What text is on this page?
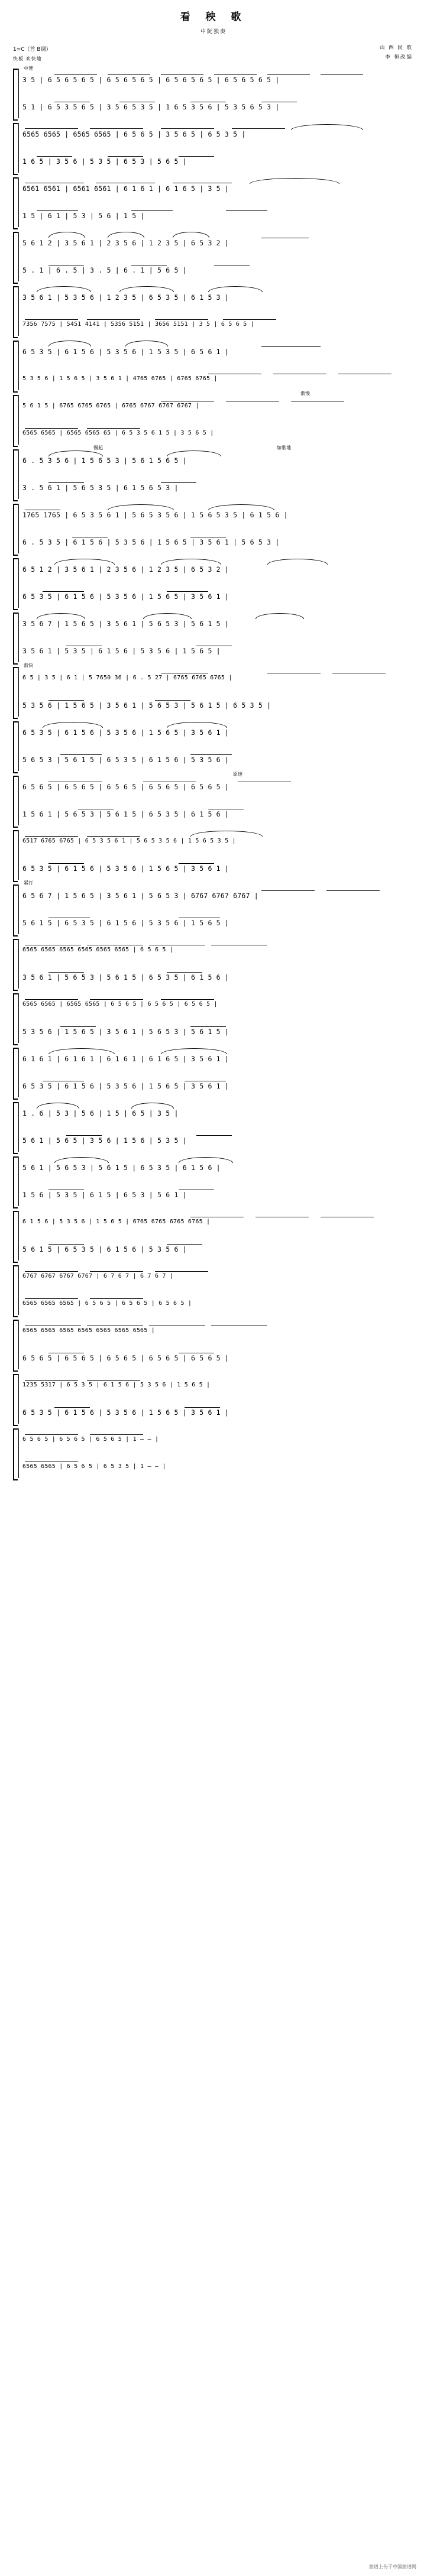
看 秧 歌
中阮独奏
1=C（首 B调）
快板 欢快地
山 西 民 歌
李 恒改编
中速
3 5 | 6 5 6 5 6 5 | 6 5 6 5 6 5 | 6 5 6 5 6 5 | 6 5 6 5 6 5 |
5 1 | 6 5 3 5 6 5 | 3 5 6 5 3 5 | 1 6 5 3 5 6 | 5 3 5 6 5 3 |
6565 6565 | 6565 6565 | 6 5 6 5 | 3 5 6 5 | 6 5 3 5 |
1 6 5 | 3 5 6 | 5 3 5 | 6 5 3 | 5 6 5 |
6561 6561 | 6561 6561 | 6 1 6 1 | 6 1 6 5 | 3 5 |
1 5 | 6 1 | 5 3 | 5 6 | 1 5 |
5 6 1 2 | 3 5 6 1 | 2 3 5 6 | 1 2 3 5 | 6 5 3 2 |
5 . 1 | 6 . 5 | 3 . 5 | 6 . 1 | 5 6 5 |
3 5 6 1 | 5 3 5 6 | 1 2 3 5 | 6 5 3 5 | 6 1 5 3 |
7356 7575 | 5451 4141 | 5356 5151 | 3656 5151 | 3 5 | 6 5 6 5 |
6 5 3 5 | 6 1 5 6 | 5 3 5 6 | 1 5 3 5 | 6 5 6 1 |
5 3 5 6 | 1 5 6 5 | 3 5 6 1 | 4765 6765 | 6765 6765 |
渐慢
5 6 1 5 | 6765 6765 6765 | 6765 6767 6767 6767 |
6565 6565 | 6565 6565 65 | 6 5 3 5 6 1 5 | 3 5 6 5 |
慢起	如歌地
6 . 5 3 5 6 | 1 5 6 5 3 | 5 6 1 5 6 5 |
3 . 5 6 1 | 5 6 5 3 5 | 6 1 5 6 5 3 |
1765 1765 | 6 5 3 5 6 1 | 5 6 5 3 5 6 | 1 5 6 5 3 5 | 6 1 5 6 |
6 . 5 3 5 | 6 1 5 6 | 5 3 5 6 | 1 5 6 5 | 3 5 6 1 | 5 6 5 3 |
6 5 1 2 | 3 5 6 1 | 2 3 5 6 | 1 2 3 5 | 6 5 3 2 |
6 5 3 5 | 6 1 5 6 | 5 3 5 6 | 1 5 6 5 | 3 5 6 1 |
3 5 6 7 | 1 5 6 5 | 3 5 6 1 | 5 6 5 3 | 5 6 1 5 |
3 5 6 1 | 5 3 5 | 6 1 5 6 | 5 3 5 6 | 1 5 6 5 |
渐快
6 5 | 3 5 | 6 1 | 5 7650 36 | 6 . 5 27 | 6765 6765 6765 |
5 3 5 6 | 1 5 6 5 | 3 5 6 1 | 5 6 5 3 | 5 6 1 5 | 6 5 3 5 |
6 5 3 5 | 6 1 5 6 | 5 3 5 6 | 1 5 6 5 | 3 5 6 1 |
5 6 5 3 | 5 6 1 5 | 6 5 3 5 | 6 1 5 6 | 5 3 5 6 |
原速
6 5 6 5 | 6 5 6 5 | 6 5 6 5 | 6 5 6 5 | 6 5 6 5 |
1 5 6 1 | 5 6 5 3 | 5 6 1 5 | 6 5 3 5 | 6 1 5 6 |
6517 6765 6765 | 6 5 3 5 6 1 | 5 6 5 3 5 6 | 1 5 6 5 3 5 |
6 5 3 5 | 6 1 5 6 | 5 3 5 6 | 1 5 6 5 | 3 5 6 1 |
紧打
6 5 6 7 | 1 5 6 5 | 3 5 6 1 | 5 6 5 3 | 6767 6767 6767 |
5 6 1 5 | 6 5 3 5 | 6 1 5 6 | 5 3 5 6 | 1 5 6 5 |
6565 6565 6565 6565 6565 6565 | 6 5 6 5 |
3 5 6 1 | 5 6 5 3 | 5 6 1 5 | 6 5 3 5 | 6 1 5 6 |
6565 6565 | 6565 6565 | 6 5 6 5 | 6 5 6 5 | 6 5 6 5 |
5 3 5 6 | 1 5 6 5 | 3 5 6 1 | 5 6 5 3 | 5 6 1 5 |
6 1 6 1 | 6 1 6 1 | 6 1 6 1 | 6 1 6 5 | 3 5 6 1 |
6 5 3 5 | 6 1 5 6 | 5 3 5 6 | 1 5 6 5 | 3 5 6 1 |
1 . 6 | 5 3 | 5 6 | 1 5 | 6 5 | 3 5 |
5 6 1 | 5 6 5 | 3 5 6 | 1 5 6 | 5 3 5 |
5 6 1 | 5 6 5 3 | 5 6 1 5 | 6 5 3 5 | 6 1 5 6 |
1 5 6 | 5 3 5 | 6 1 5 | 6 5 3 | 5 6 1 |
6 1 5 6 | 5 3 5 6 | 1 5 6 5 | 6765 6765 6765 6765 |
5 6 1 5 | 6 5 3 5 | 6 1 5 6 | 5 3 5 6 |
6767 6767 6767 6767 | 6 7 6 7 | 6 7 6 7 |
6565 6565 6565 | 6 5 6 5 | 6 5 6 5 | 6 5 6 5 |
6565 6565 6565 6565 6565 6565 6565 |
6 5 6 5 | 6 5 6 5 | 6 5 6 5 | 6 5 6 5 | 6 5 6 5 |
1235 5317 | 6 5 3 5 | 6 1 5 6 | 5 3 5 6 | 1 5 6 5 |
6 5 3 5 | 6 1 5 6 | 5 3 5 6 | 1 5 6 5 | 3 5 6 1 |
6 5 6 5 | 6 5 6 5 | 6 5 6 5 | 1 — — |
6565 6565 | 6 5 6 5 | 6 5 3 5 | 1 — — |
曲谱上传于中国曲谱网
